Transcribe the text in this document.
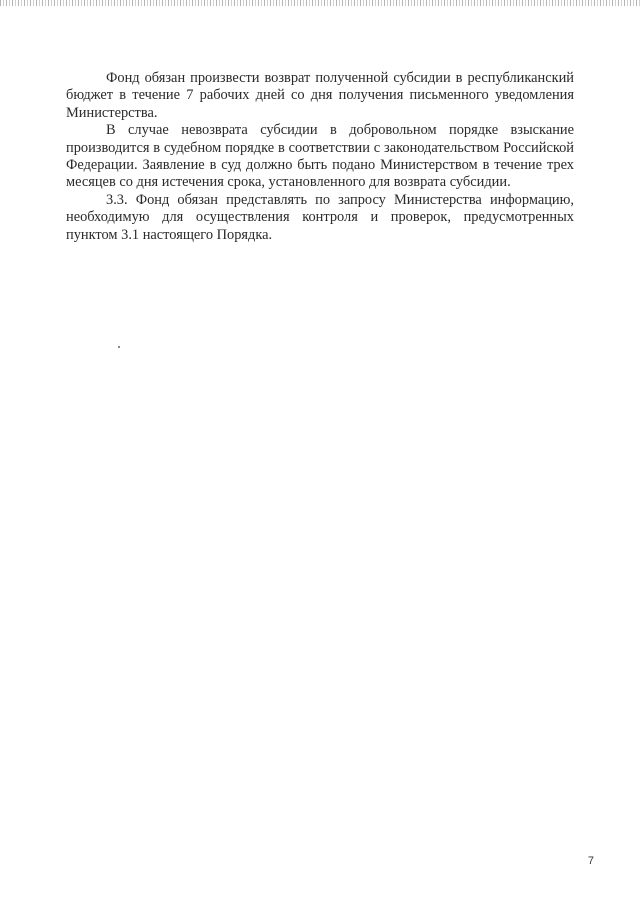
Фонд обязан произвести возврат полученной субсидии в республиканский бюджет в течение 7 рабочих дней со дня получения письменного уведомления Министерства.

В случае невозврата субсидии в добровольном порядке взыскание производится в судебном порядке в соответствии с законодательством Российской Федерации. Заявление в суд должно быть подано Министерством в течение трех месяцев со дня истечения срока, установленного для возврата субсидии.

3.3. Фонд обязан представлять по запросу Министерства информацию, необходимую для осуществления контроля и проверок, предусмотренных пунктом 3.1 настоящего Порядка.

7
